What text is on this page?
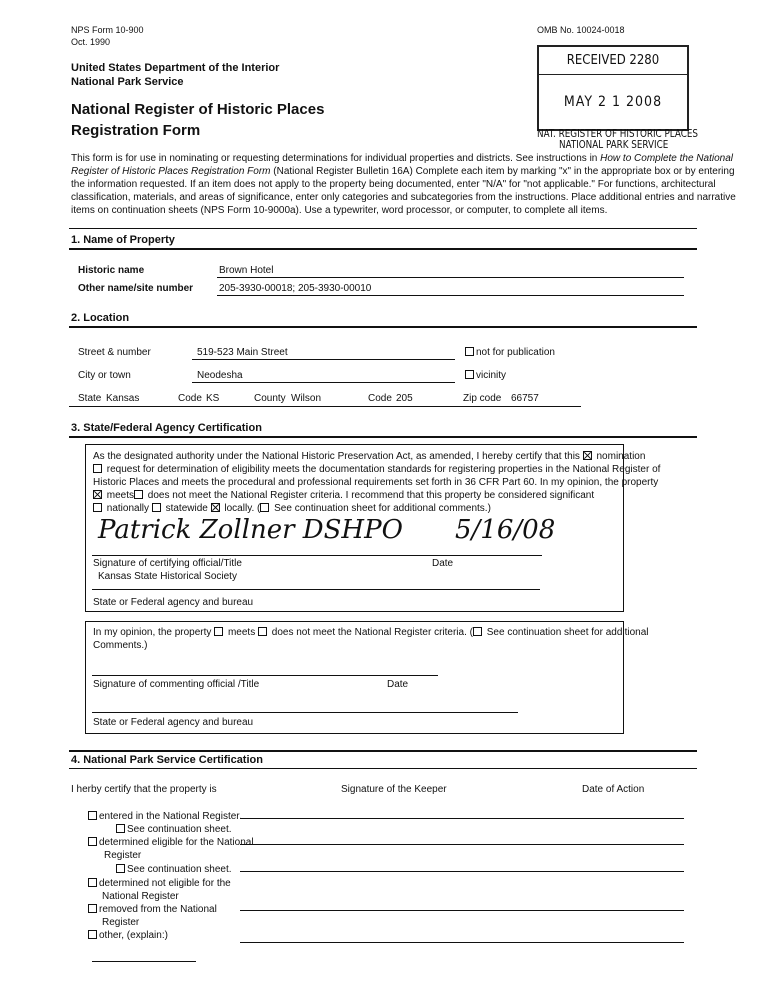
NPS Form 10-900
Oct. 1990
OMB No. 10024-0018
United States Department of the Interior
National Park Service
National Register of Historic Places
Registration Form
RECEIVED 2280
MAY 2 1 2008
NAT. REGISTER OF HISTORIC PLACES
NATIONAL PARK SERVICE
This form is for use in nominating or requesting determinations for individual properties and districts. See instructions in How to Complete the National
Register of Historic Places Registration Form (National Register Bulletin 16A) Complete each item by marking "x" in the appropriate box or by entering
the information requested. If an item does not apply to the property being documented, enter "N/A" for "not applicable." For functions, architectural
classification, materials, and areas of significance, enter only categories and subcategories from the instructions. Place additional entries and narrative
items on continuation sheets (NPS Form 10-9000a). Use a typewriter, word processor, or computer, to complete all items.
1. Name of Property
Historic name	Brown Hotel
Other name/site number	205-3930-00018; 205-3930-00010
2. Location
Street & number	519-523 Main Street	not for publication
City or town	Neodesha	vicinity
State Kansas	Code KS	County Wilson	Code 205	Zip code 66757
3. State/Federal Agency Certification
As the designated authority under the National Historic Preservation Act, as amended, I hereby certify that this  nomination
request for determination of eligibility meets the documentation standards for registering properties in the National Register of
Historic Places and meets the procedural and professional requirements set forth in 36 CFR Part 60. In my opinion, the property
meets does not meet the National Register criteria. I recommend that this property be considered significant
nationally  statewide  locally. ( See continuation sheet for additional comments.)
Patrick Zollner DSHPO 5/16/08
Signature of certifying official/Title	Date
Kansas State Historical Society
State or Federal agency and bureau
In my opinion, the property  meets  does not meet the National Register criteria. ( See continuation sheet for additional
Comments.)
Signature of commenting official /Title	Date
State or Federal agency and bureau
4. National Park Service Certification
I herby certify that the property is	Signature of the Keeper	Date of Action
entered in the National Register.
See continuation sheet.
determined eligible for the National
Register
See continuation sheet.
determined not eligible for the
National Register
removed from the National
Register
other, (explain:)
